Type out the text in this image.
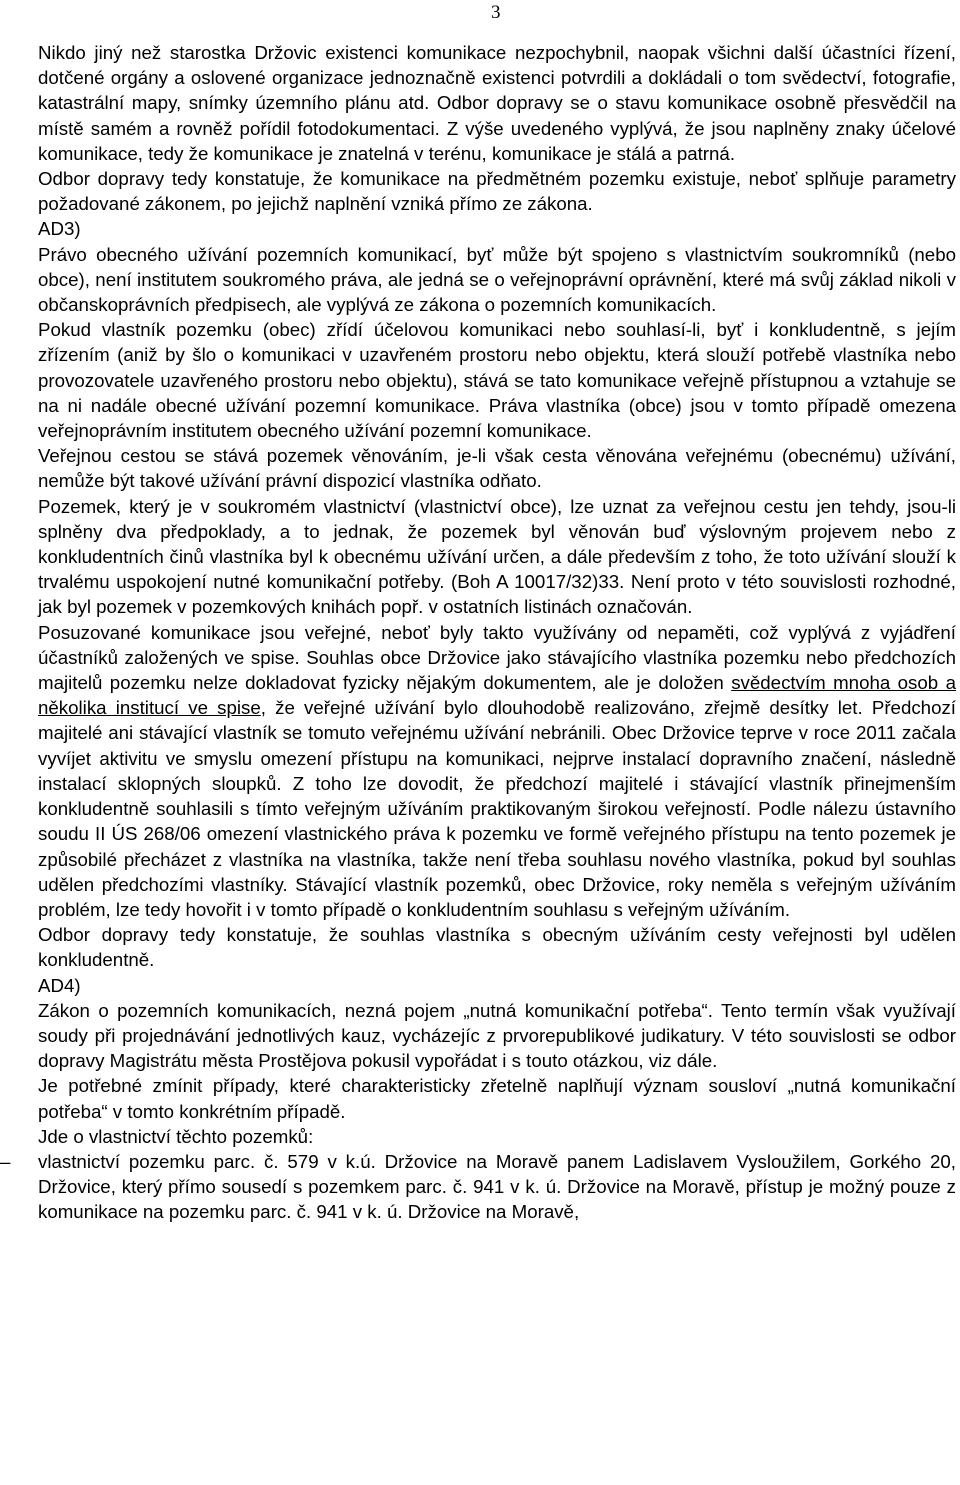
3

Nikdo jiný než starostka Držovic existenci komunikace nezpochybnil, naopak všichni další účastníci řízení, dotčené orgány a oslovené organizace jednoznačně existenci potvrdili a dokládali o tom svědectví, fotografie, katastrální mapy, snímky územního plánu atd. Odbor dopravy se o stavu komunikace osobně přesvědčil na místě samém a rovněž pořídil fotodokumentaci. Z výše uvedeného vyplývá, že jsou naplněny znaky účelové komunikace, tedy že komunikace je znatelná v terénu, komunikace je stálá a patrná.

Odbor dopravy tedy konstatuje, že komunikace na předmětném pozemku existuje, neboť splňuje parametry požadované zákonem, po jejichž naplnění vzniká přímo ze zákona.

AD3)

Právo obecného užívání pozemních komunikací, byť může být spojeno s vlastnictvím soukromníků (nebo obce), není institutem soukromého práva, ale jedná se o veřejnoprávní oprávnění, které má svůj základ nikoli v občanskoprávních předpisech, ale vyplývá ze zákona o pozemních komunikacích.

Pokud vlastník pozemku (obec) zřídí účelovou komunikaci nebo souhlasí-li, byť i konkludentně, s jejím zřízením (aniž by šlo o komunikaci v uzavřeném prostoru nebo objektu, která slouží potřebě vlastníka nebo provozovatele uzavřeného prostoru nebo objektu), stává se tato komunikace veřejně přístupnou a vztahuje se na ni nadále obecné užívání pozemní komunikace. Práva vlastníka (obce) jsou v tomto případě omezena veřejnoprávním institutem obecného užívání pozemní komunikace.

Veřejnou cestou se stává pozemek věnováním, je-li však cesta věnována veřejnému (obecnému) užívání, nemůže být takové užívání právní dispozicí vlastníka odňato.

Pozemek, který je v soukromém vlastnictví (vlastnictví obce), lze uznat za veřejnou cestu jen tehdy, jsou-li splněny dva předpoklady, a to jednak, že pozemek byl věnován buď výslovným projevem nebo z konkludentních činů vlastníka byl k obecnému užívání určen, a dále především z toho, že toto užívání slouží k trvalému uspokojení nutné komunikační potřeby. (Boh A 10017/32)33. Není proto v této souvislosti rozhodné, jak byl pozemek v pozemkových knihách popř. v ostatních listinách označován.

Posuzované komunikace jsou veřejné, neboť byly takto využívány od nepaměti, což vyplývá z vyjádření účastníků založených ve spise. Souhlas obce Držovice jako stávajícího vlastníka pozemku nebo předchozích majitelů pozemku nelze dokladovat fyzicky nějakým dokumentem, ale je doložen svědectvím mnoha osob a několika institucí ve spise, že veřejné užívání bylo dlouhodobě realizováno, zřejmě desítky let. Předchozí majitelé ani stávající vlastník se tomuto veřejnému užívání nebránili. Obec Držovice teprve v roce 2011 začala vyvíjet aktivitu ve smyslu omezení přístupu na komunikaci, nejprve instalací dopravního značení, následně instalací sklopných sloupků. Z toho lze dovodit, že předchozí majitelé i stávající vlastník přinejmenším konkludentně souhlasili s tímto veřejným užíváním praktikovaným širokou veřejností. Podle nálezu ústavního soudu II ÚS 268/06 omezení vlastnického práva k pozemku ve formě veřejného přístupu na tento pozemek je způsobilé přecházet z vlastníka na vlastníka, takže není třeba souhlasu nového vlastníka, pokud byl souhlas udělen předchozími vlastníky. Stávající vlastník pozemků, obec Držovice, roky neměla s veřejným užíváním problém, lze tedy hovořit i v tomto případě o konkludentním souhlasu s veřejným užíváním.

Odbor dopravy tedy konstatuje, že souhlas vlastníka s obecným užíváním cesty veřejnosti byl udělen konkludentně.

AD4)

Zákon o pozemních komunikacích, nezná pojem „nutná komunikační potřeba“. Tento termín však využívají soudy při projednávání jednotlivých kauz, vycházejíc z prvorepublikové judikatury. V této souvislosti se odbor dopravy Magistrátu města Prostějova pokusil vypořádat i s touto otázkou, viz dále.

Je potřebné zmínit případy, které charakteristicky zřetelně naplňují význam sousloví „nutná komunikační potřeba“ v tomto konkrétním případě.

Jde o vlastnictví těchto pozemků:

– vlastnictví pozemku parc. č. 579 v k.ú. Držovice na Moravě panem Ladislavem Vysloužilem, Gorkého 20, Držovice, který přímo sousedí s pozemkem parc. č. 941 v k. ú. Držovice na Moravě, přístup je možný pouze z komunikace na pozemku parc. č. 941 v k. ú. Držovice na Moravě,
